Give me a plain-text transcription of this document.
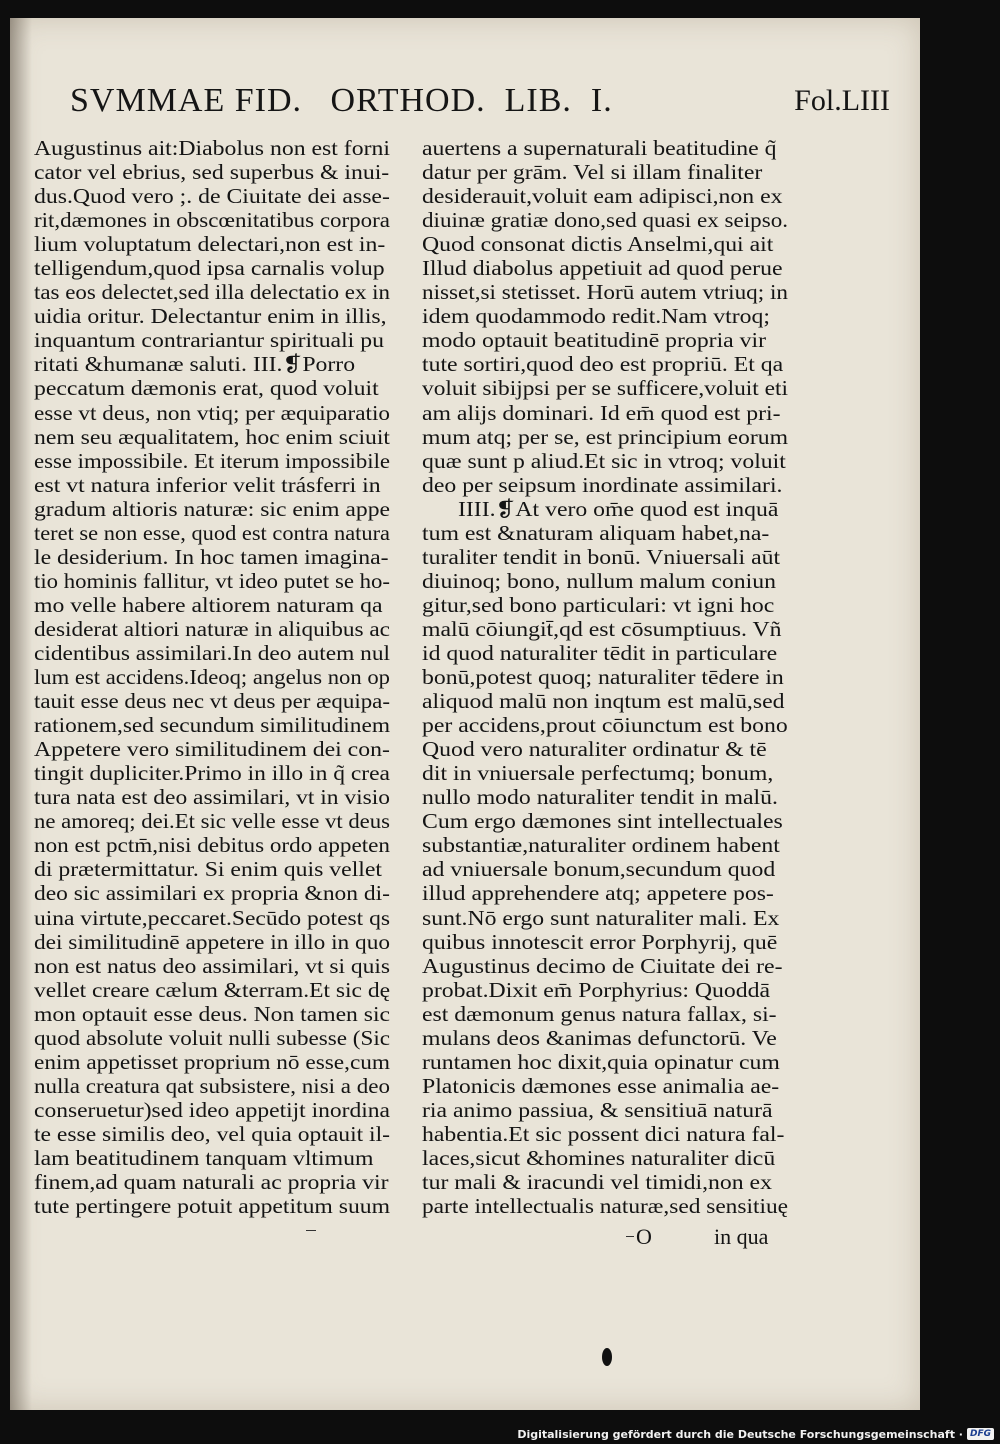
SVMMAE FID.   ORTHOD.  LIB.  I.	Fol.LIII
Augustinus ait:Diabolus non est forni
cator vel ebrius, sed superbus & inui-
dus.Quod vero ;. de Ciuitate dei asse-
rit,dæmones in obscœnitatibus corpora
lium voluptatum delectari,non est in-
telligendum,quod ipsa carnalis volup
tas eos delectet,sed illa delectatio ex in
uidia oritur. Delectantur enim in illis,
inquantum contrariantur spirituali pu
ritati &humanæ saluti. III.❡Porro
peccatum dæmonis erat, quod voluit
esse vt deus, non vtiq; per æquiparatio
nem seu æqualitatem, hoc enim sciuit
esse impossibile. Et iterum impossibile
est vt natura inferior velit trásferri in
gradum altioris naturæ: sic enim appe
teret se non esse, quod est contra natura
le desiderium. In hoc tamen imagina-
tio hominis fallitur, vt ideo putet se ho-
mo velle habere altiorem naturam qa
desiderat altiori naturæ in aliquibus ac
cidentibus assimilari.In deo autem nul
lum est accidens.Ideoq; angelus non op
tauit esse deus nec vt deus per æquipa-
rationem,sed secundum similitudinem
Appetere vero similitudinem dei con-
tingit dupliciter.Primo in illo in q̃ crea
tura nata est deo assimilari, vt in visio
ne amoreq; dei.Et sic velle esse vt deus
non est pctm̄,nisi debitus ordo appeten
di prætermittatur. Si enim quis vellet
deo sic assimilari ex propria &non di-
uina virtute,peccaret.Secūdo potest qs
dei similitudinē appetere in illo in quo
non est natus deo assimilari, vt si quis
vellet creare cælum &terram.Et sic dę
mon optauit esse deus. Non tamen sic
quod absolute voluit nulli subesse (Sic
enim appetisset proprium nō esse,cum
nulla creatura qat subsistere, nisi a deo
conseruetur)sed ideo appetijt inordina
te esse similis deo, vel quia optauit il-
lam beatitudinem tanquam vltimum
finem,ad quam naturali ac propria vir
tute pertingere potuit appetitum suum
auertens a supernaturali beatitudine q̃
datur per grām. Vel si illam finaliter
desiderauit,voluit eam adipisci,non ex
diuinæ gratiæ dono,sed quasi ex seipso.
Quod consonat dictis Anselmi,qui ait
Illud diabolus appetiuit ad quod perue
nisset,si stetisset. Horū autem vtriuq; in
idem quodammodo redit.Nam vtroq;
modo optauit beatitudinē propria vir
tute sortiri,quod deo est propriū. Et qa
voluit sibijpsi per se sufficere,voluit eti
am alijs dominari. Id em̄ quod est pri-
mum atq; per se, est principium eorum
quæ sunt p aliud.Et sic in vtroq; voluit
deo per seipsum inordinate assimilari.
IIII.❡At vero om̄e quod est inquā
tum est &naturam aliquam habet,na-
turaliter tendit in bonū. Vniuersali aūt
diuinoq; bono, nullum malum coniun
gitur,sed bono particulari: vt igni hoc
malū cōiungit̄,qd est cōsumptiuus. Vñ
id quod naturaliter tēdit in particulare
bonū,potest quoq; naturaliter tēdere in
aliquod malū non inqtum est malū,sed
per accidens,prout cōiunctum est bono
Quod vero naturaliter ordinatur & tē
dit in vniuersale perfectumq; bonum,
nullo modo naturaliter tendit in malū.
Cum ergo dæmones sint intellectuales
substantiæ,naturaliter ordinem habent
ad vniuersale bonum,secundum quod
illud apprehendere atq; appetere pos-
sunt.Nō ergo sunt naturaliter mali. Ex
quibus innotescit error Porphyrij, quē
Augustinus decimo de Ciuitate dei re-
probat.Dixit em̄ Porphyrius: Quoddā
est dæmonum genus natura fallax, si-
mulans deos &animas defunctorū. Ve
runtamen hoc dixit,quia opinatur cum
Platonicis dæmones esse animalia ae-
ria animo passiua, & sensitiuā naturā
habentia.Et sic possent dici natura fal-
laces,sicut &homines naturaliter dicū
tur mali & iracundi vel timidi,non ex
parte intellectualis naturæ,sed sensitiuę
O	in qua
Digitalisierung gefördert durch die Deutsche Forschungsgemeinschaft · DFG
